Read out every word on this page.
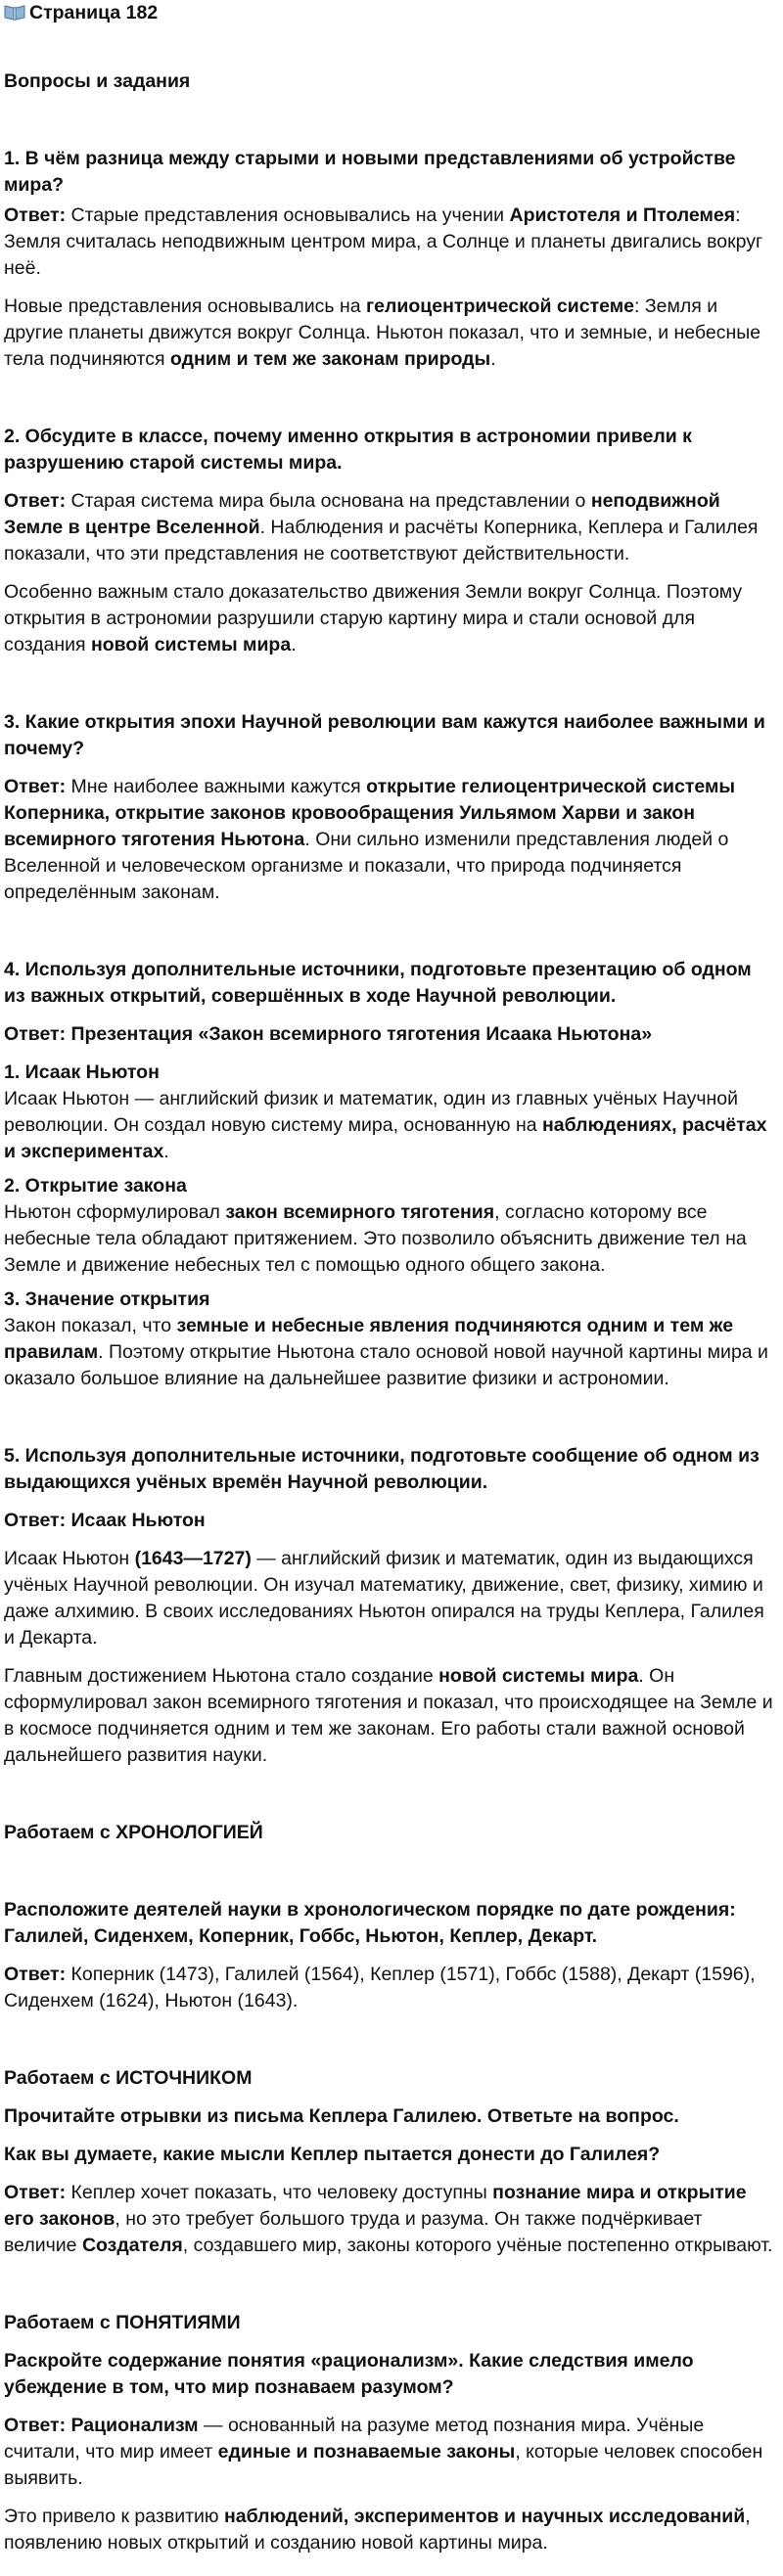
Страница 182

Вопросы и задания

1. В чём разница между старыми и новыми представлениями об устройстве мира?

Ответ: Старые представления основывались на учении Аристотеля и Птолемея: Земля считалась неподвижным центром мира, а Солнце и планеты двигались вокруг неё.

Новые представления основывались на гелиоцентрической системе: Земля и другие планеты движутся вокруг Солнца. Ньютон показал, что и земные, и небесные тела подчиняются одним и тем же законам природы.

2. Обсудите в классе, почему именно открытия в астрономии привели к разрушению старой системы мира.

Ответ: Старая система мира была основана на представлении о неподвижной Земле в центре Вселенной. Наблюдения и расчёты Коперника, Кеплера и Галилея показали, что эти представления не соответствуют действительности.

Особенно важным стало доказательство движения Земли вокруг Солнца. Поэтому открытия в астрономии разрушили старую картину мира и стали основой для создания новой системы мира.

3. Какие открытия эпохи Научной революции вам кажутся наиболее важными и почему?

Ответ: Мне наиболее важными кажутся открытие гелиоцентрической системы Коперника, открытие законов кровообращения Уильямом Харви и закон всемирного тяготения Ньютона. Они сильно изменили представления людей о Вселенной и человеческом организме и показали, что природа подчиняется определённым законам.

4. Используя дополнительные источники, подготовьте презентацию об одном из важных открытий, совершённых в ходе Научной революции.

Ответ: Презентация «Закон всемирного тяготения Исаака Ньютона»

1. Исаак Ньютон

Исаак Ньютон — английский физик и математик, один из главных учёных Научной революции. Он создал новую систему мира, основанную на наблюдениях, расчётах и экспериментах.

2. Открытие закона

Ньютон сформулировал закон всемирного тяготения, согласно которому все небесные тела обладают притяжением. Это позволило объяснить движение тел на Земле и движение небесных тел с помощью одного общего закона.

3. Значение открытия

Закон показал, что земные и небесные явления подчиняются одним и тем же правилам. Поэтому открытие Ньютона стало основой новой научной картины мира и оказало большое влияние на дальнейшее развитие физики и астрономии.

5. Используя дополнительные источники, подготовьте сообщение об одном из выдающихся учёных времён Научной революции.

Ответ: Исаак Ньютон

Исаак Ньютон (1643—1727) — английский физик и математик, один из выдающихся учёных Научной революции. Он изучал математику, движение, свет, физику, химию и даже алхимию. В своих исследованиях Ньютон опирался на труды Кеплера, Галилея и Декарта.

Главным достижением Ньютона стало создание новой системы мира. Он сформулировал закон всемирного тяготения и показал, что происходящее на Земле и в космосе подчиняется одним и тем же законам. Его работы стали важной основой дальнейшего развития науки.

Работаем с ХРОНОЛОГИЕЙ

Расположите деятелей науки в хронологическом порядке по дате рождения: Галилей, Сиденхем, Коперник, Гоббс, Ньютон, Кеплер, Декарт.

Ответ: Коперник (1473), Галилей (1564), Кеплер (1571), Гоббс (1588), Декарт (1596), Сиденхем (1624), Ньютон (1643).

Работаем с ИСТОЧНИКОМ

Прочитайте отрывки из письма Кеплера Галилею. Ответьте на вопрос.

Как вы думаете, какие мысли Кеплер пытается донести до Галилея?

Ответ: Кеплер хочет показать, что человеку доступны познание мира и открытие его законов, но это требует большого труда и разума. Он также подчёркивает величие Создателя, создавшего мир, законы которого учёные постепенно открывают.

Работаем с ПОНЯТИЯМИ

Раскройте содержание понятия «рационализм». Какие следствия имело убеждение в том, что мир познаваем разумом?

Ответ: Рационализм — основанный на разуме метод познания мира. Учёные считали, что мир имеет единые и познаваемые законы, которые человек способен выявить.

Это привело к развитию наблюдений, экспериментов и научных исследований, появлению новых открытий и созданию новой картины мира.
